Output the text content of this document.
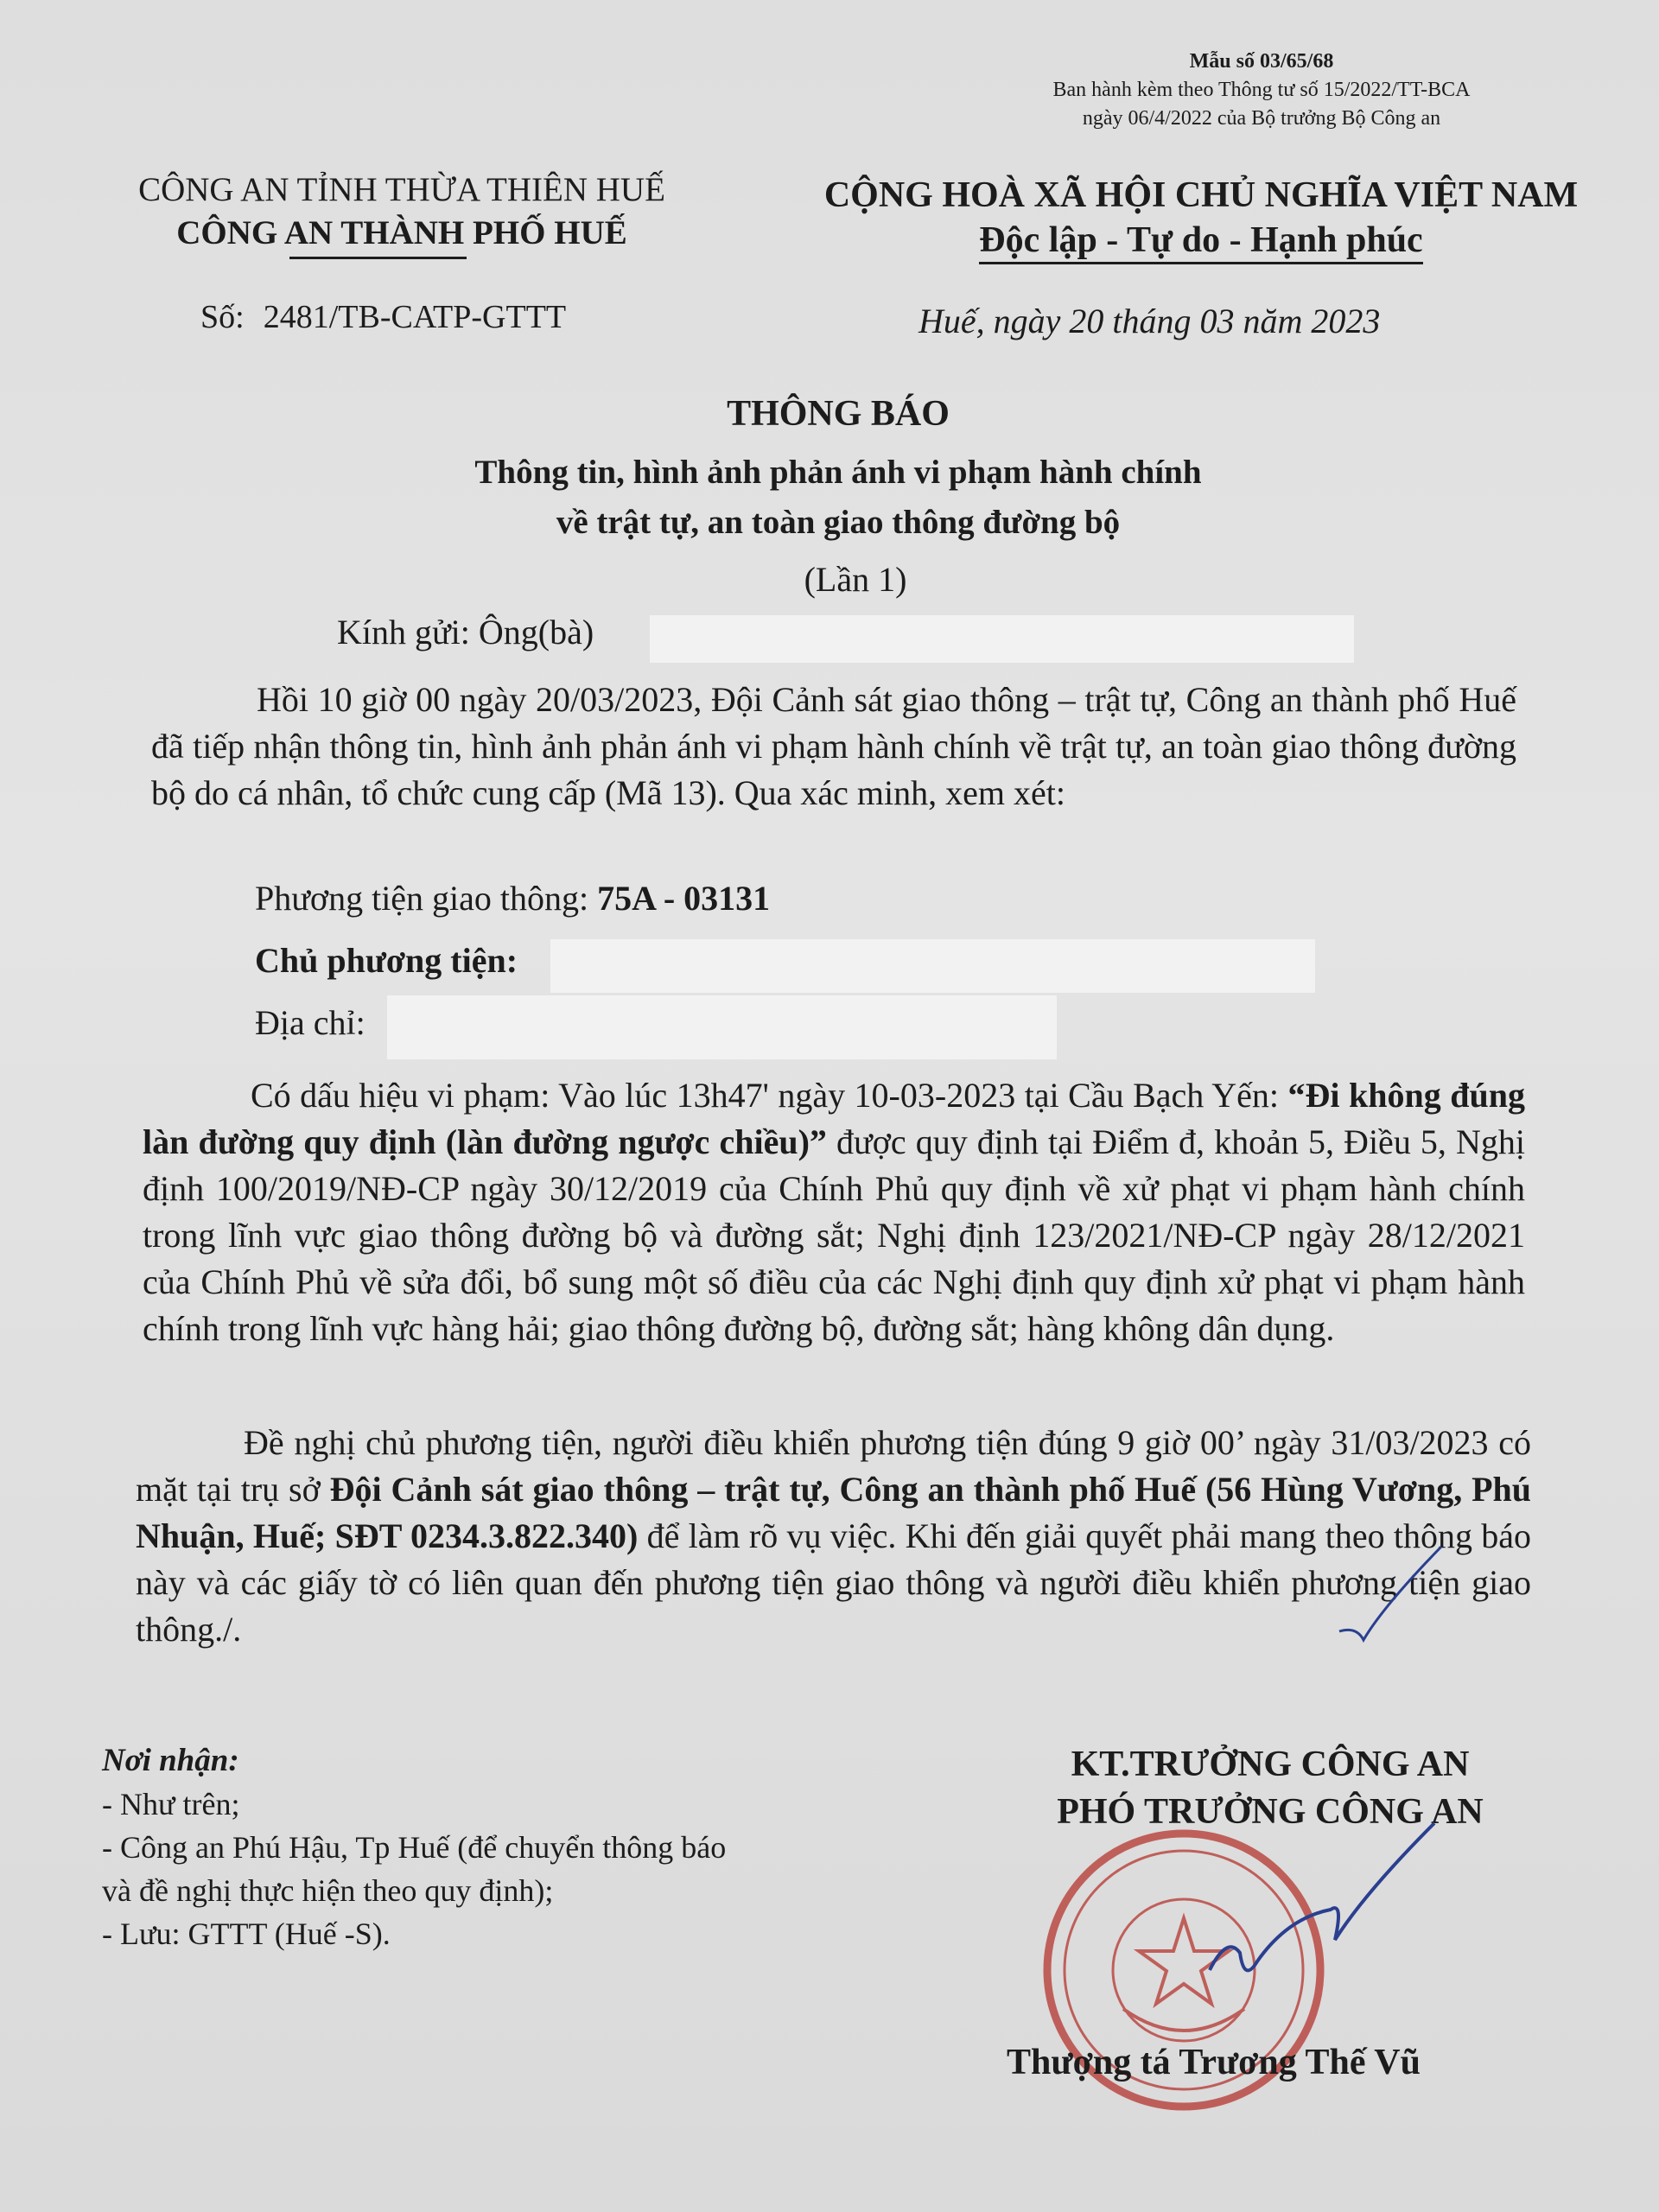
Mẫu số 03/65/68
Ban hành kèm theo Thông tư số 15/2022/TT-BCA
ngày 06/4/2022 của Bộ trưởng Bộ Công an
CÔNG AN TỈNH THỪA THIÊN HUẾ
CÔNG AN THÀNH PHỐ HUẾ
CỘNG HOÀ XÃ HỘI CHỦ NGHĨA VIỆT NAM
Độc lập - Tự do - Hạnh phúc
Số: 2481/TB-CATP-GTTT	Huế, ngày 20 tháng 03 năm 2023
THÔNG BÁO
Thông tin, hình ảnh phản ánh vi phạm hành chính
về trật tự, an toàn giao thông đường bộ
(Lần 1)
Kính gửi: Ông(bà)
Hồi 10 giờ 00 ngày 20/03/2023, Đội Cảnh sát giao thông – trật tự, Công an thành phố Huế đã tiếp nhận thông tin, hình ảnh phản ánh vi phạm hành chính về trật tự, an toàn giao thông đường bộ do cá nhân, tổ chức cung cấp (Mã 13). Qua xác minh, xem xét:
Phương tiện giao thông: 75A - 03131
Chủ phương tiện:
Địa chỉ:
Có dấu hiệu vi phạm: Vào lúc 13h47' ngày 10-03-2023 tại Cầu Bạch Yến: “Đi không đúng làn đường quy định (làn đường ngược chiều)” được quy định tại Điểm đ, khoản 5, Điều 5, Nghị định 100/2019/NĐ-CP ngày 30/12/2019 của Chính Phủ quy định về xử phạt vi phạm hành chính trong lĩnh vực giao thông đường bộ và đường sắt; Nghị định 123/2021/NĐ-CP ngày 28/12/2021 của Chính Phủ về sửa đổi, bổ sung một số điều của các Nghị định quy định xử phạt vi phạm hành chính trong lĩnh vực hàng hải; giao thông đường bộ, đường sắt; hàng không dân dụng.
Đề nghị chủ phương tiện, người điều khiển phương tiện đúng 9 giờ 00’ ngày 31/03/2023 có mặt tại trụ sở Đội Cảnh sát giao thông – trật tự, Công an thành phố Huế (56 Hùng Vương, Phú Nhuận, Huế; SĐT 0234.3.822.340) để làm rõ vụ việc. Khi đến giải quyết phải mang theo thông báo này và các giấy tờ có liên quan đến phương tiện giao thông và người điều khiển phương tiện giao thông./.
Nơi nhận:
- Như trên;
- Công an Phú Hậu, Tp Huế (để chuyển thông báo
và đề nghị thực hiện theo quy định);
- Lưu: GTTT (Huế -S).
KT.TRƯỞNG CÔNG AN
PHÓ TRƯỞNG CÔNG AN
Thượng tá Trương Thế Vũ
